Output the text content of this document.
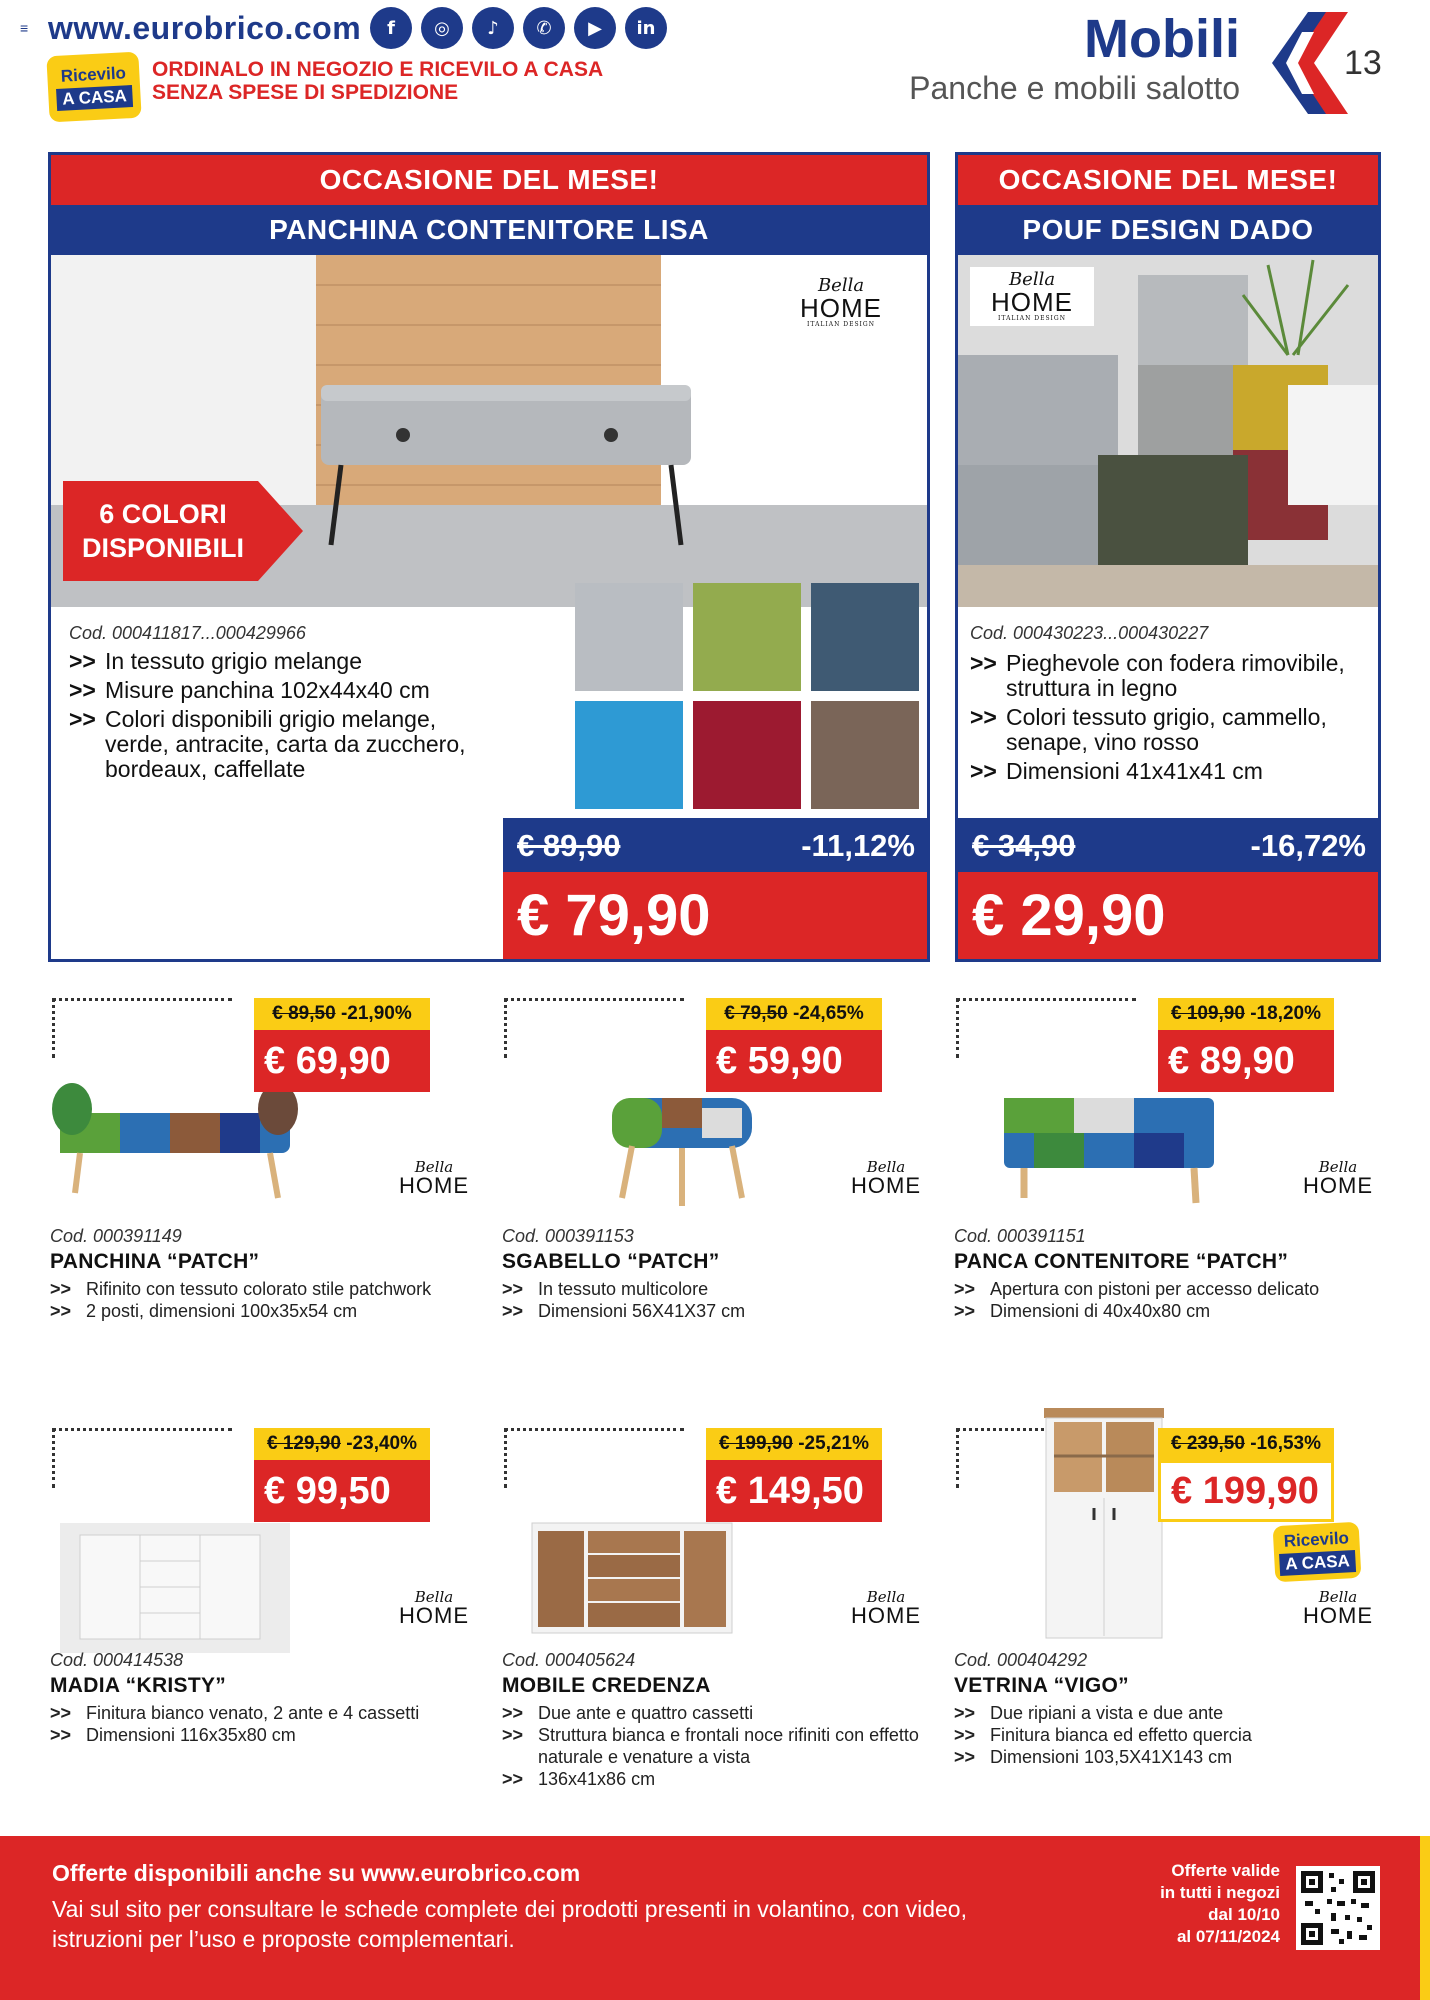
≡ www.eurobrico.com	f	◎	♪	✆	▶	in
Ricevilo
A CASA
ORDINALO IN NEGOZIO E RICEVILO A CASA
SENZA SPESE DI SPEDIZIONE
Mobili
Panche e mobili salotto
13
OCCASIONE DEL MESE!
PANCHINA CONTENITORE LISA
Bella
HOME
ITALIAN DESIGN
6 COLORI
DISPONIBILI
Cod. 000411817...000429966
>> In tessuto grigio melange
>> Misure panchina 102x44x40 cm
>> Colori disponibili grigio melange, verde, antracite, carta da zucchero, bordeaux, caffellate
€ 89,90	-11,12%
€ 79,90
OCCASIONE DEL MESE!
POUF DESIGN DADO
Bella
HOME
ITALIAN DESIGN
Cod. 000430223...000430227
>> Pieghevole con fodera rimovibile, struttura in legno
>> Colori tessuto grigio, cammello, senape, vino rosso
>> Dimensioni 41x41x41 cm
€ 34,90	-16,72%
€ 29,90
€ 89,50 -21,90%
€ 69,90
Bella
HOME
Cod. 000391149
PANCHINA “PATCH”
>> Rifinito con tessuto colorato stile patchwork
>> 2 posti, dimensioni 100x35x54 cm
€ 79,50 -24,65%
€ 59,90
Bella
HOME
Cod. 000391153
SGABELLO “PATCH”
>> In tessuto multicolore
>> Dimensioni 56X41X37 cm
€ 109,90 -18,20%
€ 89,90
Bella
HOME
Cod. 000391151
PANCA CONTENITORE “PATCH”
>> Apertura con pistoni per accesso delicato
>> Dimensioni di 40x40x80 cm
€ 129,90 -23,40%
€ 99,50
Bella
HOME
Cod. 000414538
MADIA “KRISTY”
>> Finitura bianco venato, 2 ante e 4 cassetti
>> Dimensioni 116x35x80 cm
€ 199,90 -25,21%
€ 149,50
Bella
HOME
Cod. 000405624
MOBILE CREDENZA
>> Due ante e quattro cassetti
>> Struttura bianca e frontali noce rifiniti con effetto naturale e venature a vista
>> 136x41x86 cm
€ 239,50 -16,53%
€ 199,90
Ricevilo
A CASA
Bella
HOME
Cod. 000404292
VETRINA “VIGO”
>> Due ripiani a vista e due ante
>> Finitura bianca ed effetto quercia
>> Dimensioni 103,5X41X143 cm
Offerte disponibili anche su www.eurobrico.com
Vai sul sito per consultare le schede complete dei prodotti presenti in volantino, con video, istruzioni per l’uso e proposte complementari.
Offerte valide
in tutti i negozi
dal 10/10
al 07/11/2024
